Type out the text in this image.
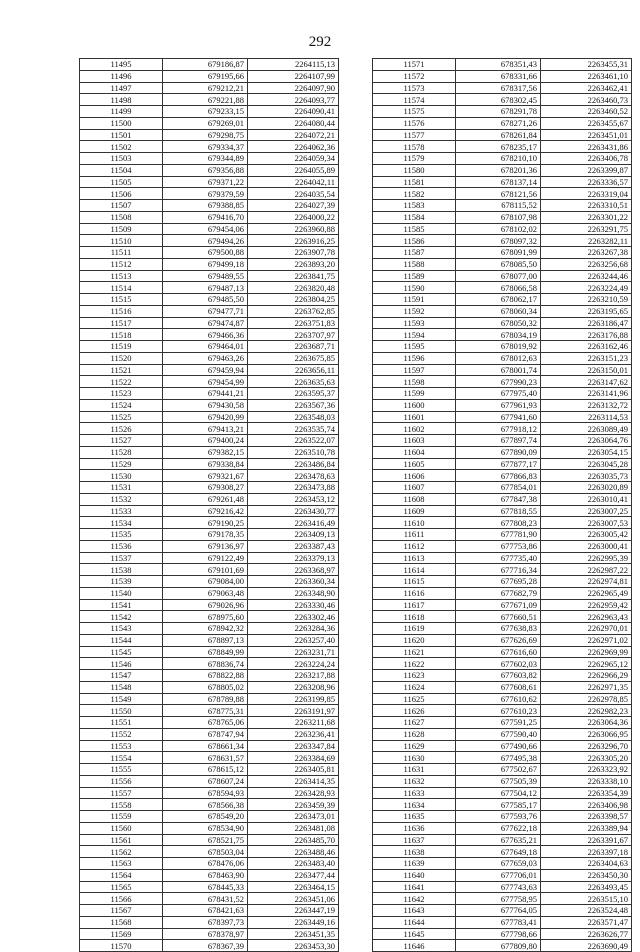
292
11495	679186,87	2264115,13
11496	679195,66	2264107,99
11497	679212,21	2264097,90
11498	679221,88	2264093,77
11499	679233,15	2264090,41
11500	679269,01	2264080,44
11501	679298,75	2264072,21
11502	679334,37	2264062,36
11503	679344,89	2264059,34
11504	679356,88	2264055,89
11505	679371,22	2264042,11
11506	679379,59	2264035,54
11507	679388,85	2264027,39
11508	679416,70	2264000,22
11509	679454,06	2263960,88
11510	679494,26	2263916,25
11511	679500,88	2263907,78
11512	679499,18	2263893,20
11513	679489,55	2263841,75
11514	679487,13	2263820,48
11515	679485,50	2263804,25
11516	679477,71	2263762,85
11517	679474,87	2263751,83
11518	679466,36	2263707,97
11519	679464,01	2263687,71
11520	679463,26	2263675,85
11521	679459,94	2263656,11
11522	679454,99	2263635,63
11523	679441,21	2263595,37
11524	679430,58	2263567,36
11525	679420,99	2263548,03
11526	679413,21	2263535,74
11527	679400,24	2263522,07
11528	679382,15	2263510,78
11529	679338,84	2263486,84
11530	679321,67	2263478,63
11531	679308,27	2263473,88
11532	679261,48	2263453,12
11533	679216,42	2263430,77
11534	679190,25	2263416,49
11535	679178,35	2263409,13
11536	679136,97	2263387,43
11537	679122,49	2263379,13
11538	679101,69	2263368,97
11539	679084,00	2263360,34
11540	679063,48	2263348,90
11541	679026,96	2263330,46
11542	678975,60	2263302,46
11543	678942,32	2263284,36
11544	678897,13	2263257,40
11545	678849,99	2263231,71
11546	678836,74	2263224,24
11547	678822,88	2263217,88
11548	678805,02	2263208,96
11549	678789,88	2263199,85
11550	678775,31	2263191,97
11551	678765,06	2263211,68
11552	678747,94	2263236,41
11553	678661,34	2263347,84
11554	678631,57	2263384,69
11555	678615,12	2263405,81
11556	678607,24	2263414,35
11557	678594,93	2263428,93
11558	678566,38	2263459,39
11559	678549,20	2263473,01
11560	678534,90	2263481,08
11561	678521,75	2263485,70
11562	678503,04	2263488,46
11563	678476,06	2263483,40
11564	678463,90	2263477,44
11565	678445,33	2263464,15
11566	678431,52	2263451,06
11567	678421,63	2263447,19
11568	678397,73	2263449,16
11569	678378,97	2263451,35
11570	678367,39	2263453,30
11571	678351,43	2263455,31
11572	678331,66	2263461,10
11573	678317,56	2263462,41
11574	678302,45	2263460,73
11575	678291,78	2263460,52
11576	678271,26	2263455,67
11577	678261,84	2263451,01
11578	678235,17	2263431,86
11579	678210,10	2263406,78
11580	678201,36	2263399,87
11581	678137,14	2263336,57
11582	678121,56	2263319,04
11583	678115,52	2263310,51
11584	678107,98	2263301,22
11585	678102,02	2263291,75
11586	678097,32	2263282,11
11587	678091,99	2263267,38
11588	678085,50	2263256,68
11589	678077,00	2263244,46
11590	678066,58	2263224,49
11591	678062,17	2263210,59
11592	678060,34	2263195,65
11593	678050,32	2263186,47
11594	678034,19	2263176,88
11595	678019,92	2263162,46
11596	678012,63	2263151,23
11597	678001,74	2263150,01
11598	677990,23	2263147,62
11599	677975,40	2263141,96
11600	677961,93	2263132,72
11601	677941,60	2263114,53
11602	677918,12	2263089,49
11603	677897,74	2263064,76
11604	677890,09	2263054,15
11605	677877,17	2263045,28
11606	677866,83	2263035,73
11607	677854,01	2263020,89
11608	677847,38	2263010,41
11609	677818,55	2263007,25
11610	677808,23	2263007,53
11611	677781,90	2263005,42
11612	677753,86	2263000,41
11613	677735,40	2262995,39
11614	677716,34	2262987,22
11615	677695,28	2262974,81
11616	677682,79	2262965,49
11617	677671,09	2262959,42
11618	677660,51	2262963,43
11619	677638,83	2262970,01
11620	677626,69	2262971,02
11621	677616,60	2262969,99
11622	677602,03	2262965,12
11623	677603,82	2262966,29
11624	677608,61	2262971,35
11625	677610,62	2262978,85
11626	677610,23	2262982,23
11627	677591,25	2263064,36
11628	677590,40	2263066,95
11629	677490,66	2263296,70
11630	677495,38	2263305,20
11631	677502,67	2263323,92
11632	677505,39	2263338,10
11633	677504,12	2263354,39
11634	677585,17	2263406,98
11635	677593,76	2263398,57
11636	677622,18	2263389,94
11637	677635,21	2263391,67
11638	677649,18	2263397,18
11639	677659,03	2263404,63
11640	677706,01	2263450,30
11641	677743,63	2263493,45
11642	677758,95	2263515,10
11643	677764,05	2263524,48
11644	677783,41	2263571,47
11645	677798,66	2263626,77
11646	677809,80	2263690,49
